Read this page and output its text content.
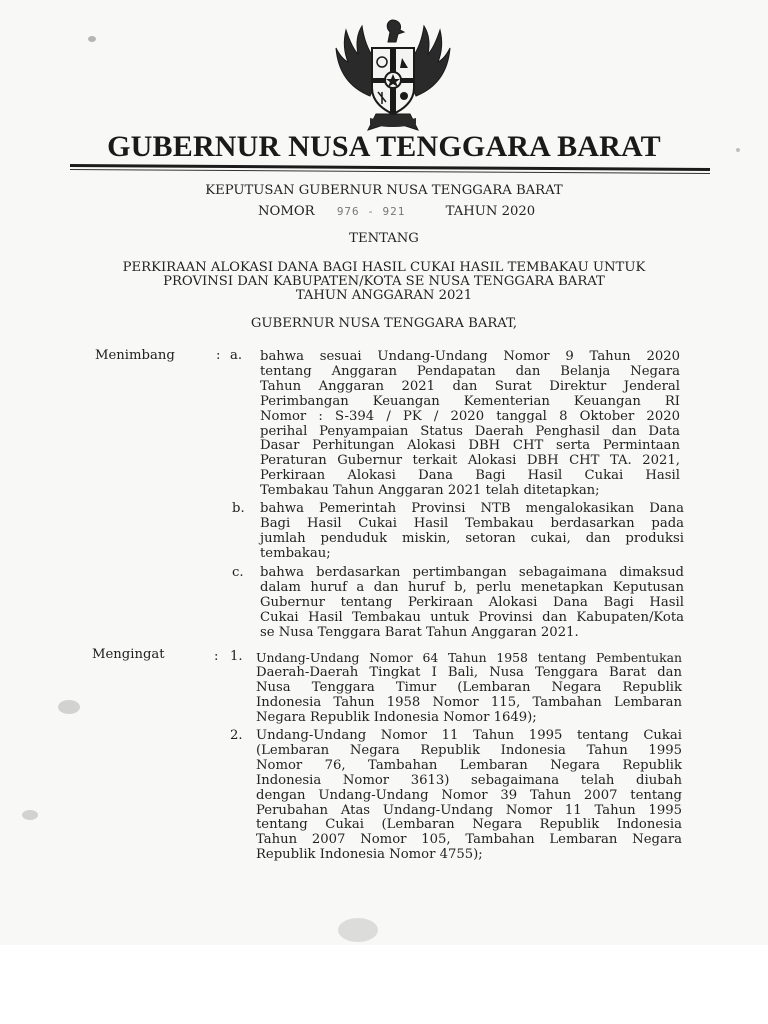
GUBERNUR NUSA TENGGARA BARAT
KEPUTUSAN GUBERNUR NUSA TENGGARA BARAT
NOMOR 976 - 921	TAHUN 2020
TENTANG
PERKIRAAN ALOKASI DANA BAGI HASIL CUKAI HASIL TEMBAKAU UNTUK
PROVINSI DAN KABUPATEN/KOTA SE NUSA TENGGARA BARAT
TAHUN ANGGARAN 2021
GUBERNUR NUSA TENGGARA BARAT,
Menimbang	: a. bahwa sesuai Undang-Undang Nomor 9 Tahun 2020
tentang Anggaran Pendapatan dan Belanja Negara
Tahun Anggaran 2021 dan Surat Direktur Jenderal
Perimbangan Keuangan Kementerian Keuangan RI
Nomor : S-394 / PK / 2020 tanggal 8 Oktober 2020
perihal Penyampaian Status Daerah Penghasil dan Data
Dasar Perhitungan Alokasi DBH CHT serta Permintaan
Peraturan Gubernur terkait Alokasi DBH CHT TA. 2021,
Perkiraan Alokasi Dana Bagi Hasil Cukai Hasil
Tembakau Tahun Anggaran 2021 telah ditetapkan;
b. bahwa Pemerintah Provinsi NTB mengalokasikan Dana
Bagi Hasil Cukai Hasil Tembakau berdasarkan pada
jumlah penduduk miskin, setoran cukai, dan produksi
tembakau;
c. bahwa berdasarkan pertimbangan sebagaimana dimaksud
dalam huruf a dan huruf b, perlu menetapkan Keputusan
Gubernur tentang Perkiraan Alokasi Dana Bagi Hasil
Cukai Hasil Tembakau untuk Provinsi dan Kabupaten/Kota
se Nusa Tenggara Barat Tahun Anggaran 2021.
Mengingat	: 1. Undang-Undang Nomor 64 Tahun 1958 tentang Pembentukan
Daerah-Daerah Tingkat I Bali, Nusa Tenggara Barat dan
Nusa Tenggara Timur (Lembaran Negara Republik
Indonesia Tahun 1958 Nomor 115, Tambahan Lembaran
Negara Republik Indonesia Nomor 1649);
2. Undang-Undang Nomor 11 Tahun 1995 tentang Cukai
(Lembaran Negara Republik Indonesia Tahun 1995
Nomor 76, Tambahan Lembaran Negara Republik
Indonesia Nomor 3613) sebagaimana telah diubah
dengan Undang-Undang Nomor 39 Tahun 2007 tentang
Perubahan Atas Undang-Undang Nomor 11 Tahun 1995
tentang Cukai (Lembaran Negara Republik Indonesia
Tahun 2007 Nomor 105, Tambahan Lembaran Negara
Republik Indonesia Nomor 4755);
